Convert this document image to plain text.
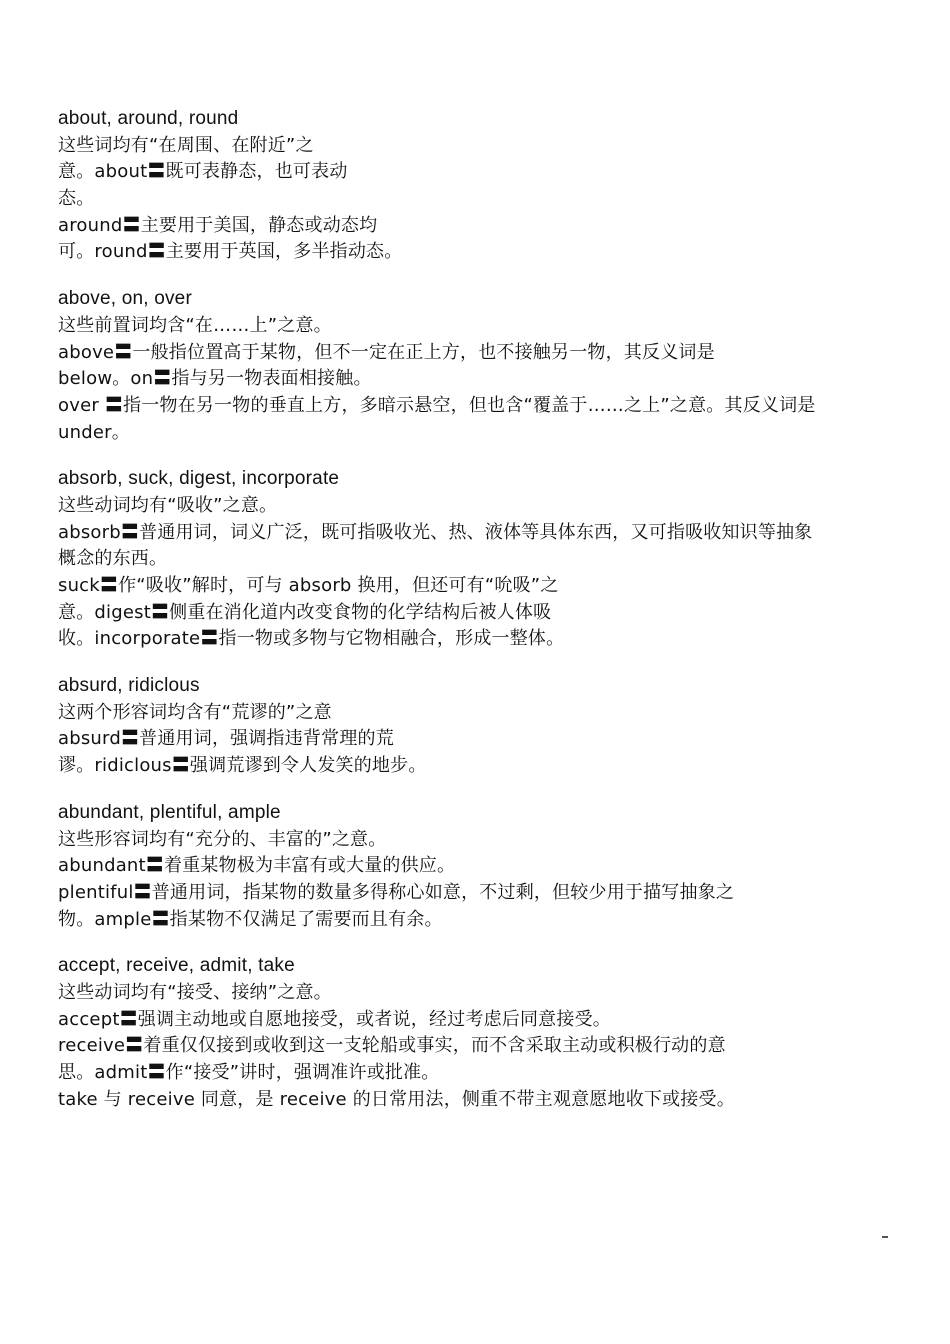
about, around, round
这些词均有“在周围、在附近”之
意。about〓既可表静态，也可表动
态。
around〓主要用于美国，静态或动态均
可。round〓主要用于英国，多半指动态。
above, on, over
这些前置词均含“在……上”之意。
above〓一般指位置高于某物，但不一定在正上方，也不接触另一物，其反义词是
below。on〓指与另一物表面相接触。
over 〓指一物在另一物的垂直上方，多暗示悬空，但也含“覆盖于……之上”之意。其反义词是
under。
absorb, suck, digest, incorporate
这些动词均有“吸收”之意。
absorb〓普通用词，词义广泛，既可指吸收光、热、液体等具体东西，又可指吸收知识等抽象
概念的东西。
suck〓作“吸收”解时，可与 absorb 换用，但还可有“吮吸”之
意。digest〓侧重在消化道内改变食物的化学结构后被人体吸
收。incorporate〓指一物或多物与它物相融合，形成一整体。
absurd, ridiclous
这两个形容词均含有“荒谬的”之意
absurd〓普通用词，强调指违背常理的荒
谬。ridiclous〓强调荒谬到令人发笑的地步。
abundant, plentiful, ample
这些形容词均有“充分的、丰富的”之意。
abundant〓着重某物极为丰富有或大量的供应。
plentiful〓普通用词，指某物的数量多得称心如意，不过剩，但较少用于描写抽象之
物。ample〓指某物不仅满足了需要而且有余。
accept, receive, admit, take
这些动词均有“接受、接纳”之意。
accept〓强调主动地或自愿地接受，或者说，经过考虑后同意接受。
receive〓着重仅仅接到或收到这一支轮船或事实，而不含采取主动或积极行动的意
思。admit〓作“接受”讲时，强调准许或批准。
take 与 receive 同意，是 receive 的日常用法，侧重不带主观意愿地收下或接受。
